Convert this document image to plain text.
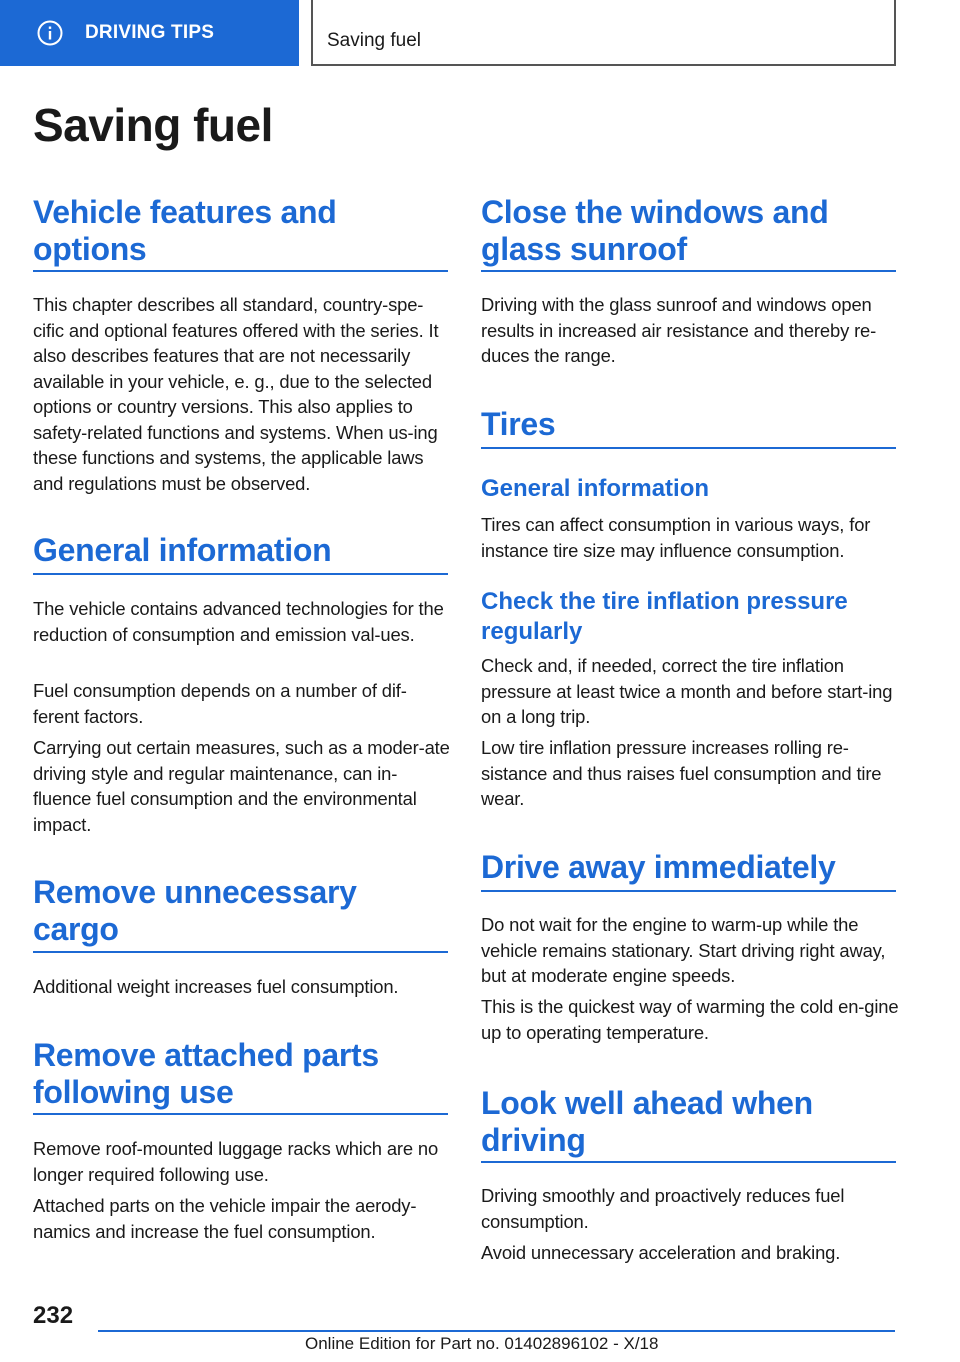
DRIVING TIPS	Saving fuel
Saving fuel
Vehicle features and options

This chapter describes all standard, country-spe-cific and optional features offered with the series. It also describes features that are not necessarily available in your vehicle, e. g., due to the selected options or country versions. This also applies to safety-related functions and systems. When us-ing these functions and systems, the applicable laws and regulations must be observed.

General information

The vehicle contains advanced technologies for the reduction of consumption and emission val-ues.

Fuel consumption depends on a number of dif-ferent factors.

Carrying out certain measures, such as a moder-ate driving style and regular maintenance, can in-fluence fuel consumption and the environmental impact.

Remove unnecessary cargo

Additional weight increases fuel consumption.

Remove attached parts following use

Remove roof-mounted luggage racks which are no longer required following use.

Attached parts on the vehicle impair the aerody-namics and increase the fuel consumption.

Close the windows and glass sunroof

Driving with the glass sunroof and windows open results in increased air resistance and thereby re-duces the range.

Tires
General information

Tires can affect consumption in various ways, for instance tire size may influence consumption.

Check the tire inflation pressure regularly

Check and, if needed, correct the tire inflation pressure at least twice a month and before start-ing on a long trip.

Low tire inflation pressure increases rolling re-sistance and thus raises fuel consumption and tire wear.

Drive away immediately

Do not wait for the engine to warm-up while the vehicle remains stationary. Start driving right away, but at moderate engine speeds.

This is the quickest way of warming the cold en-gine up to operating temperature.

Look well ahead when driving

Driving smoothly and proactively reduces fuel consumption.

Avoid unnecessary acceleration and braking.

232
Online Edition for Part no. 01402896102 - X/18
